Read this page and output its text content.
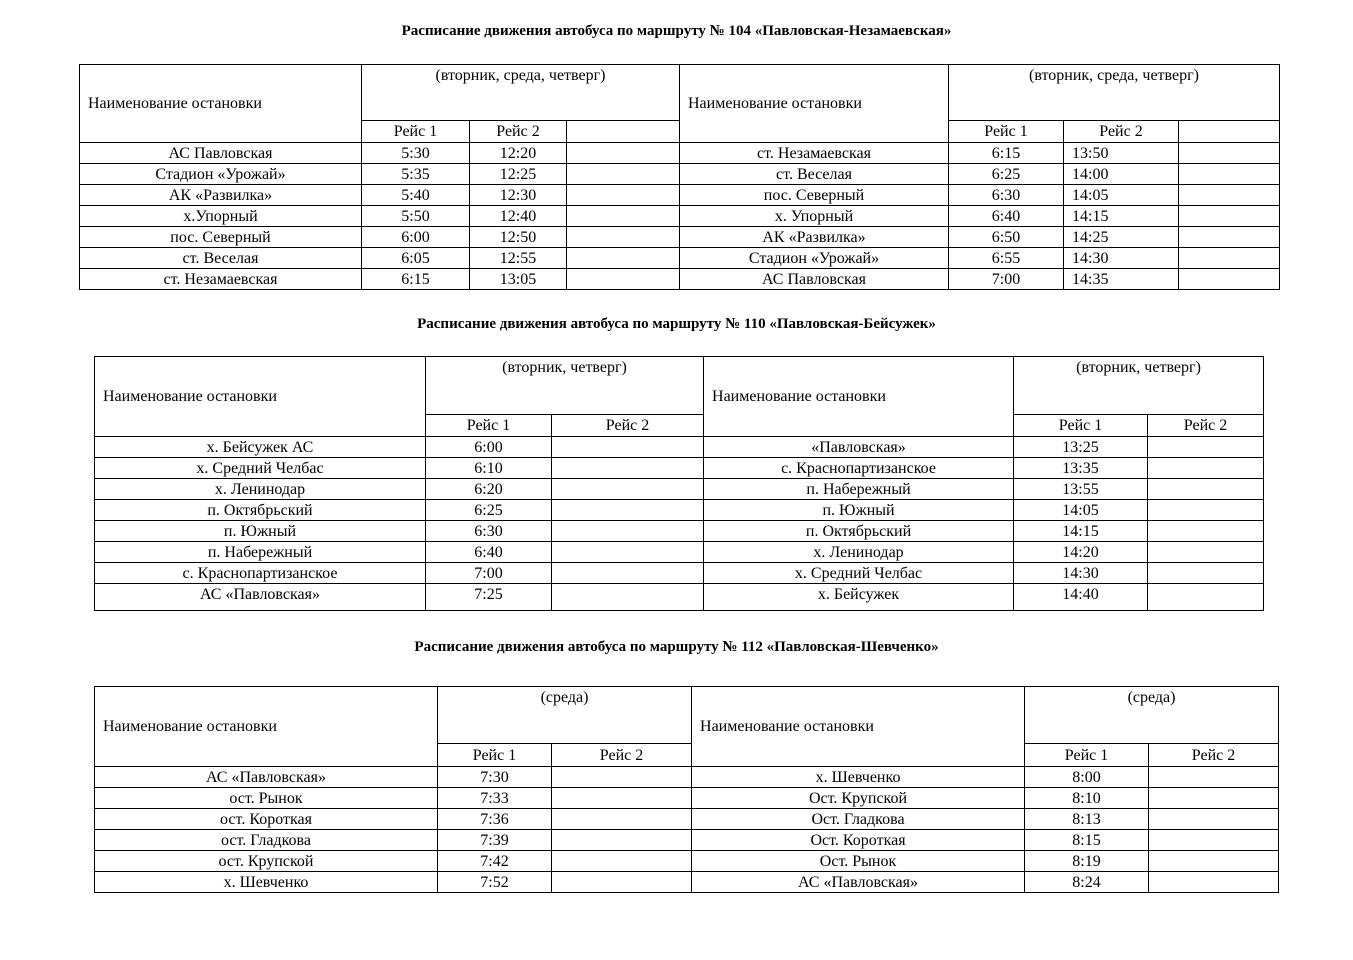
Расписание движения автобуса по маршруту № 104 «Павловская-Незамаевская»
Наименование остановки	(вторник, среда, четверг)			Наименование остановки	(вторник, среда, четверг)		
	Рейс 1	Рейс 2			Рейс 1	Рейс 2	
АС Павловская	5:30	12:20		ст. Незамаевская	6:15	13:50	
Стадион «Урожай»	5:35	12:25		ст. Веселая	6:25	14:00	
АК «Развилка»	5:40	12:30		пос. Северный	6:30	14:05	
х.Упорный	5:50	12:40		х. Упорный	6:40	14:15	
пос. Северный	6:00	12:50		АК «Развилка»	6:50	14:25	
ст. Веселая	6:05	12:55		Стадион «Урожай»	6:55	14:30	
ст. Незамаевская	6:15	13:05		АС Павловская	7:00	14:35	
Расписание движения автобуса по маршруту № 110 «Павловская-Бейсужек»
Наименование остановки	(вторник, четверг)		Наименование остановки	(вторник, четверг)	
	Рейс 1	Рейс 2		Рейс 1	Рейс 2
х. Бейсужек АС	6:00		«Павловская»	13:25	
х. Средний Челбас	6:10		с. Краснопартизанское	13:35	
х. Ленинодар	6:20		п. Набережный	13:55	
п. Октябрьский	6:25		п. Южный	14:05	
п. Южный	6:30		п. Октябрьский	14:15	
п. Набережный	6:40		х. Ленинодар	14:20	
с. Краснопартизанское	7:00		х. Средний Челбас	14:30	
АС «Павловская»	7:25		х. Бейсужек	14:40	
Расписание движения автобуса по маршруту № 112 «Павловская-Шевченко»
Наименование остановки	(среда)		Наименование остановки	(среда)	
	Рейс 1	Рейс 2		Рейс 1	Рейс 2
АС «Павловская»	7:30		х. Шевченко	8:00	
ост. Рынок	7:33		Ост. Крупской	8:10	
ост. Короткая	7:36		Ост. Гладкова	8:13	
ост. Гладкова	7:39		Ост. Короткая	8:15	
ост. Крупской	7:42		Ост. Рынок	8:19	
х. Шевченко	7:52		АС «Павловская»	8:24	
